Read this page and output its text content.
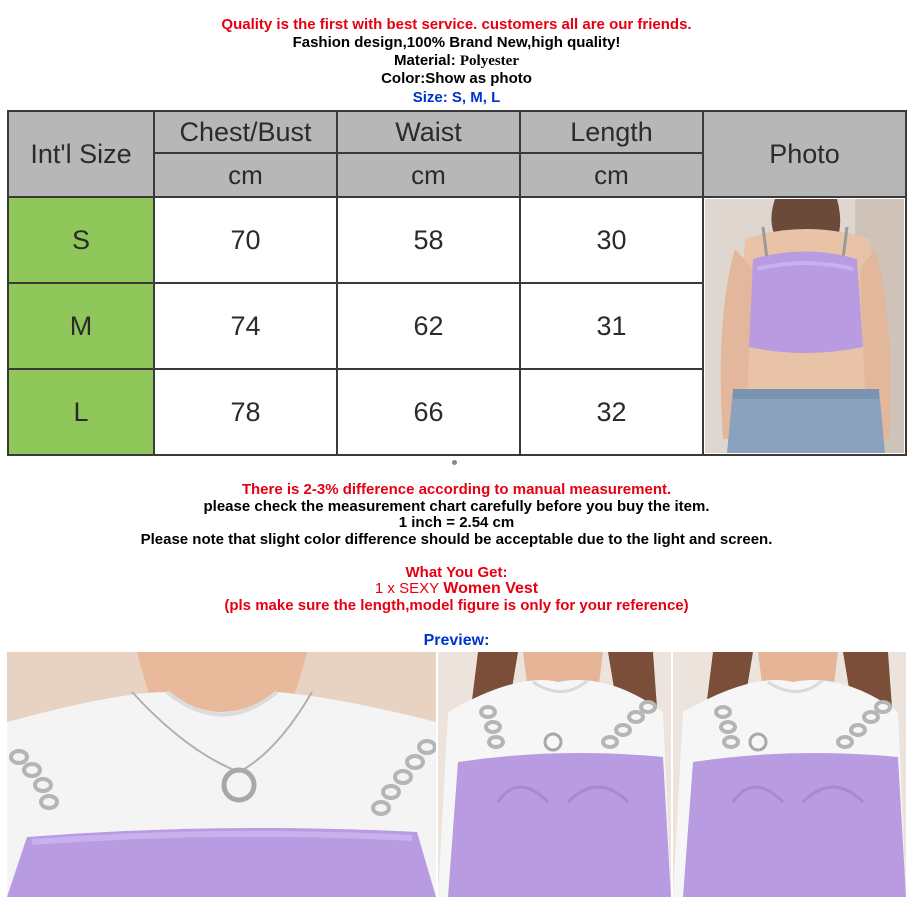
Quality is the first with best service. customers all are our friends.
Fashion design,100% Brand New,high quality!
Material: Polyester
Color:Show as photo
Size: S, M, L
Int'l Size	Chest/Bust	Waist	Length	Photo
	cm	cm	cm	
S	70	58	30	

M	74	62	31	
L	78	66	32	
There is 2-3% difference according to manual measurement.
please check the measurement chart carefully before you buy the item.
1 inch = 2.54 cm
Please note that slight color difference should be acceptable due to the light and screen.
What You Get:
1 x SEXY Women Vest
(pls make sure the length,model figure is only for your reference)
Preview:
